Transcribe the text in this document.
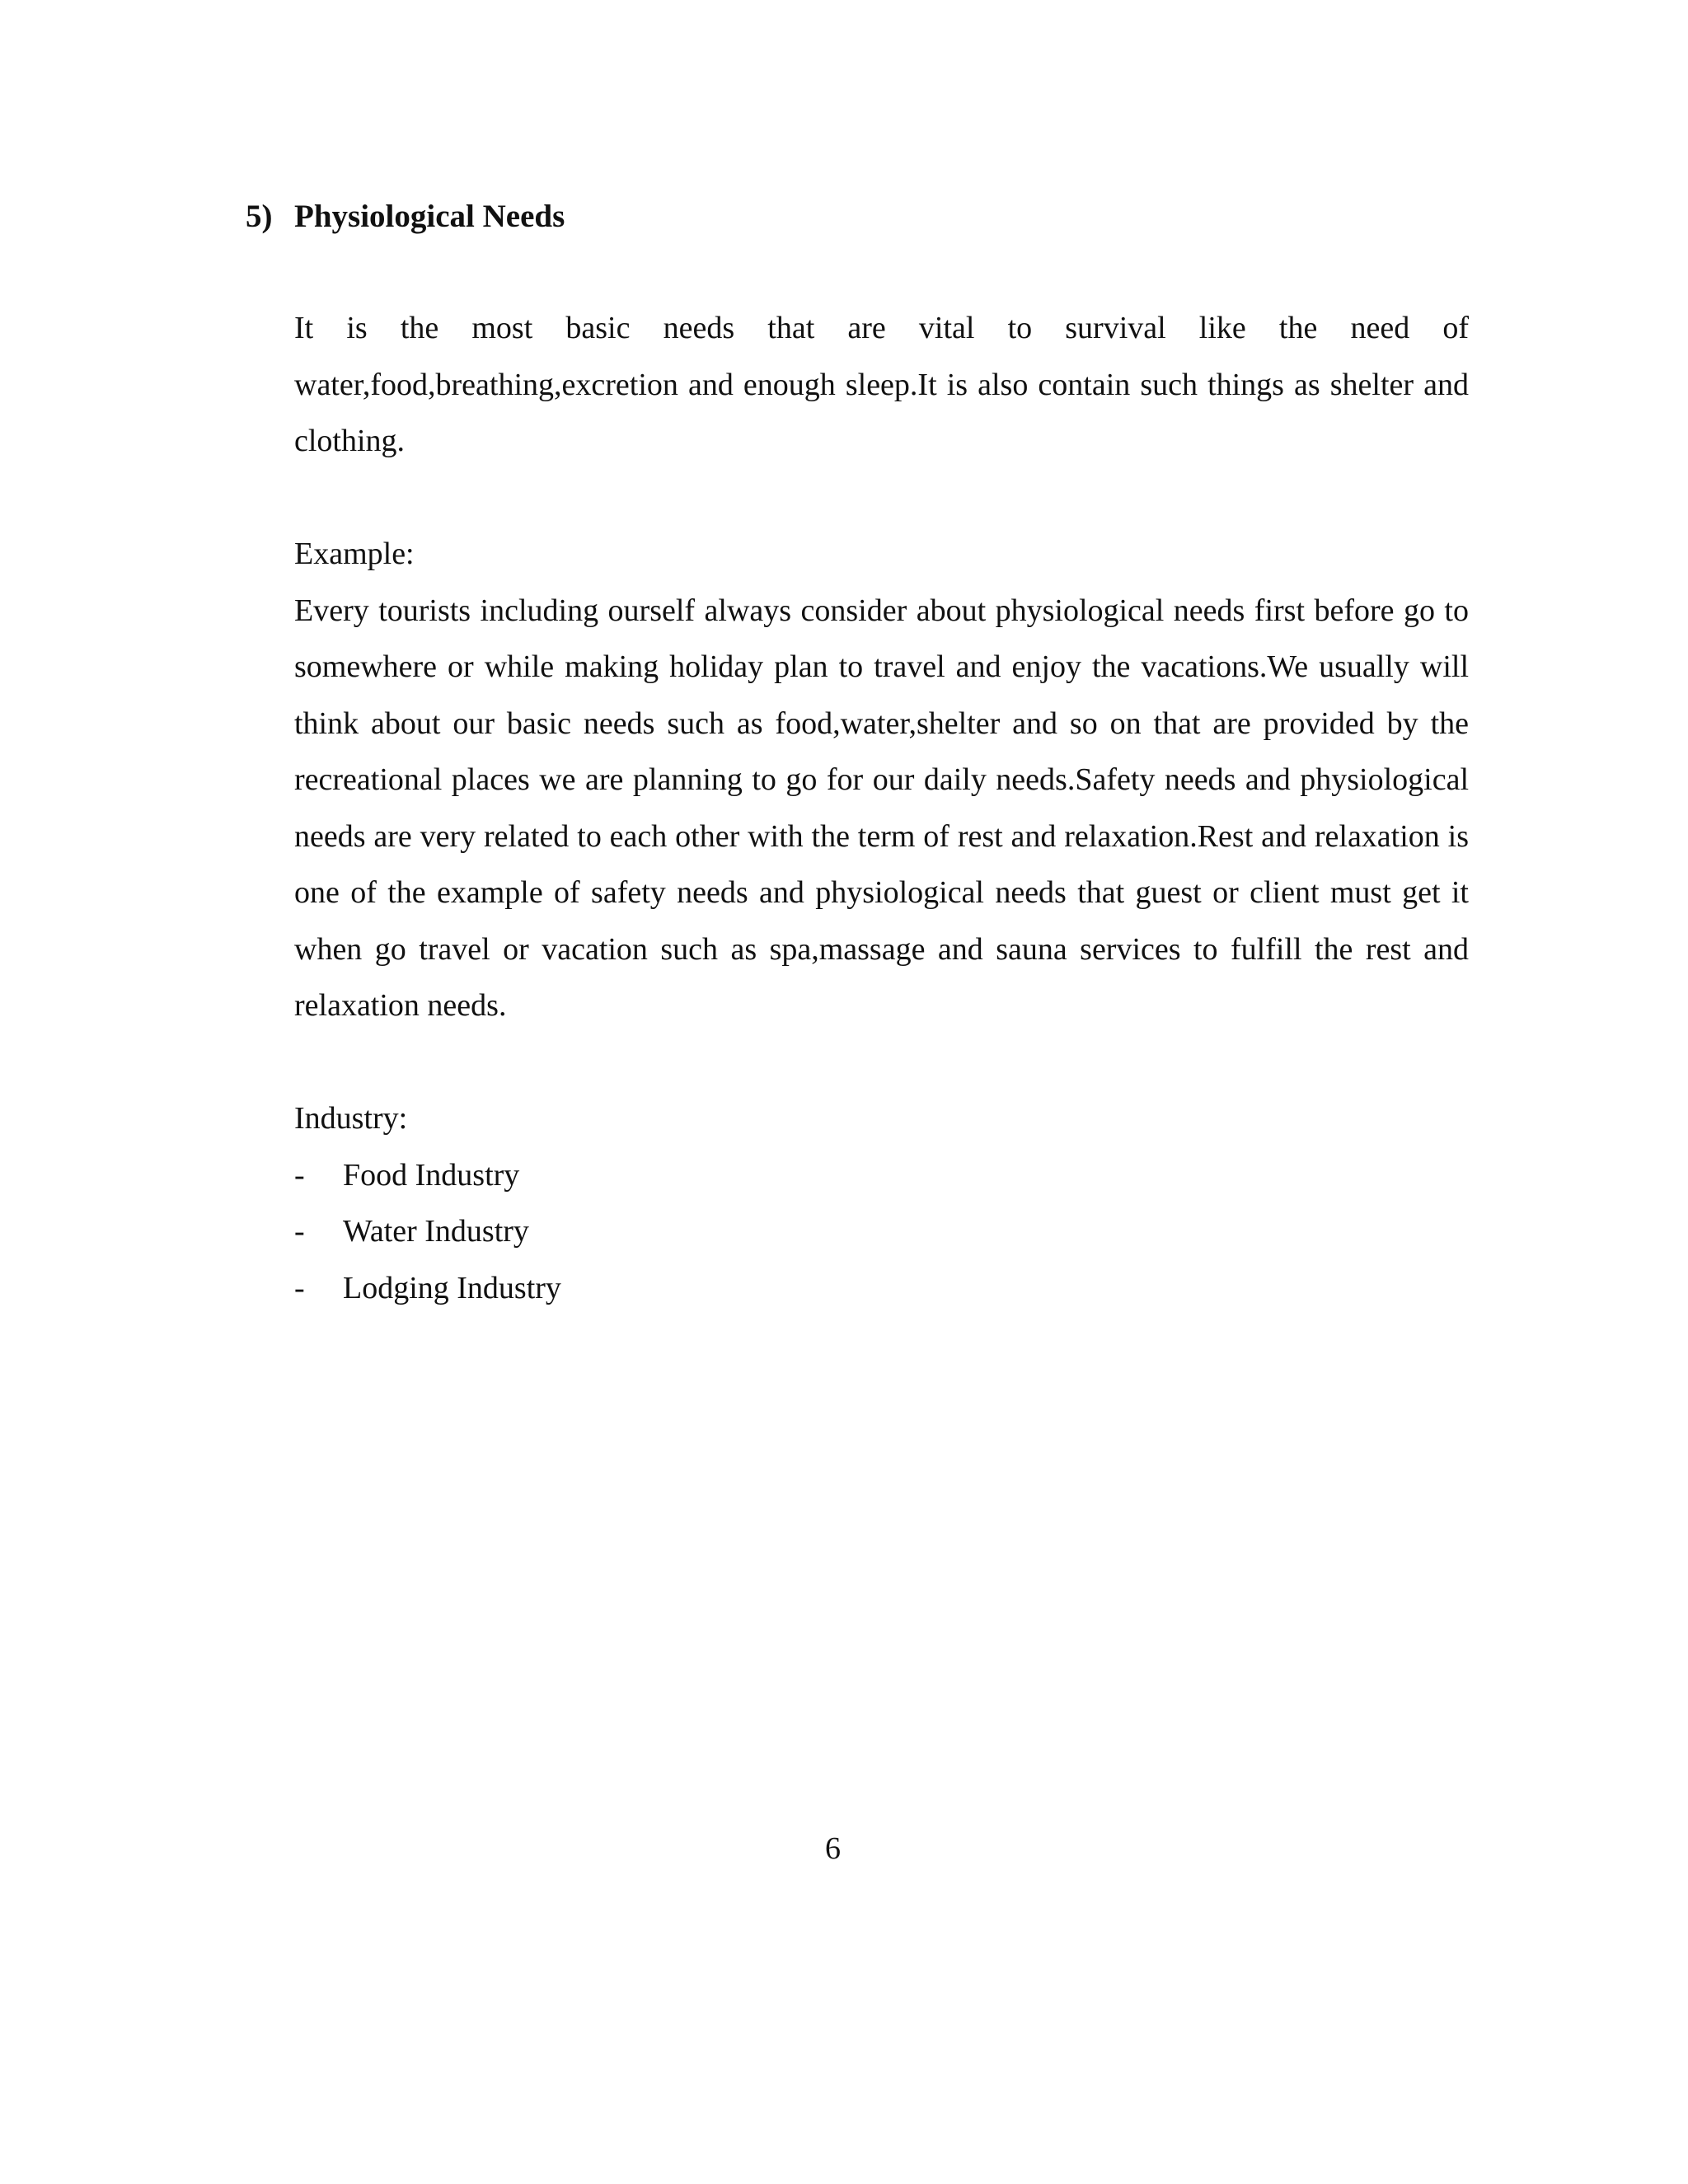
5) Physiological Needs

It is the most basic needs that are vital to survival like the need of water,food,breathing,excretion and enough sleep.It is also contain such things as shelter and clothing.

Example:

Every tourists including ourself always consider about physiological needs first before go to somewhere or while making holiday plan to travel and enjoy the vacations.We usually will think about our basic needs such as food,water,shelter and so on that are provided by the recreational places we are planning to go for our daily needs.Safety needs and physiological needs are very related to each other with the term of rest and relaxation.Rest and relaxation is one of the example of safety needs and physiological needs that guest or client must get it when go travel or vacation such as spa,massage and sauna services to fulfill the rest and relaxation needs.

Industry:

- Food Industry
- Water Industry
- Lodging Industry
6
